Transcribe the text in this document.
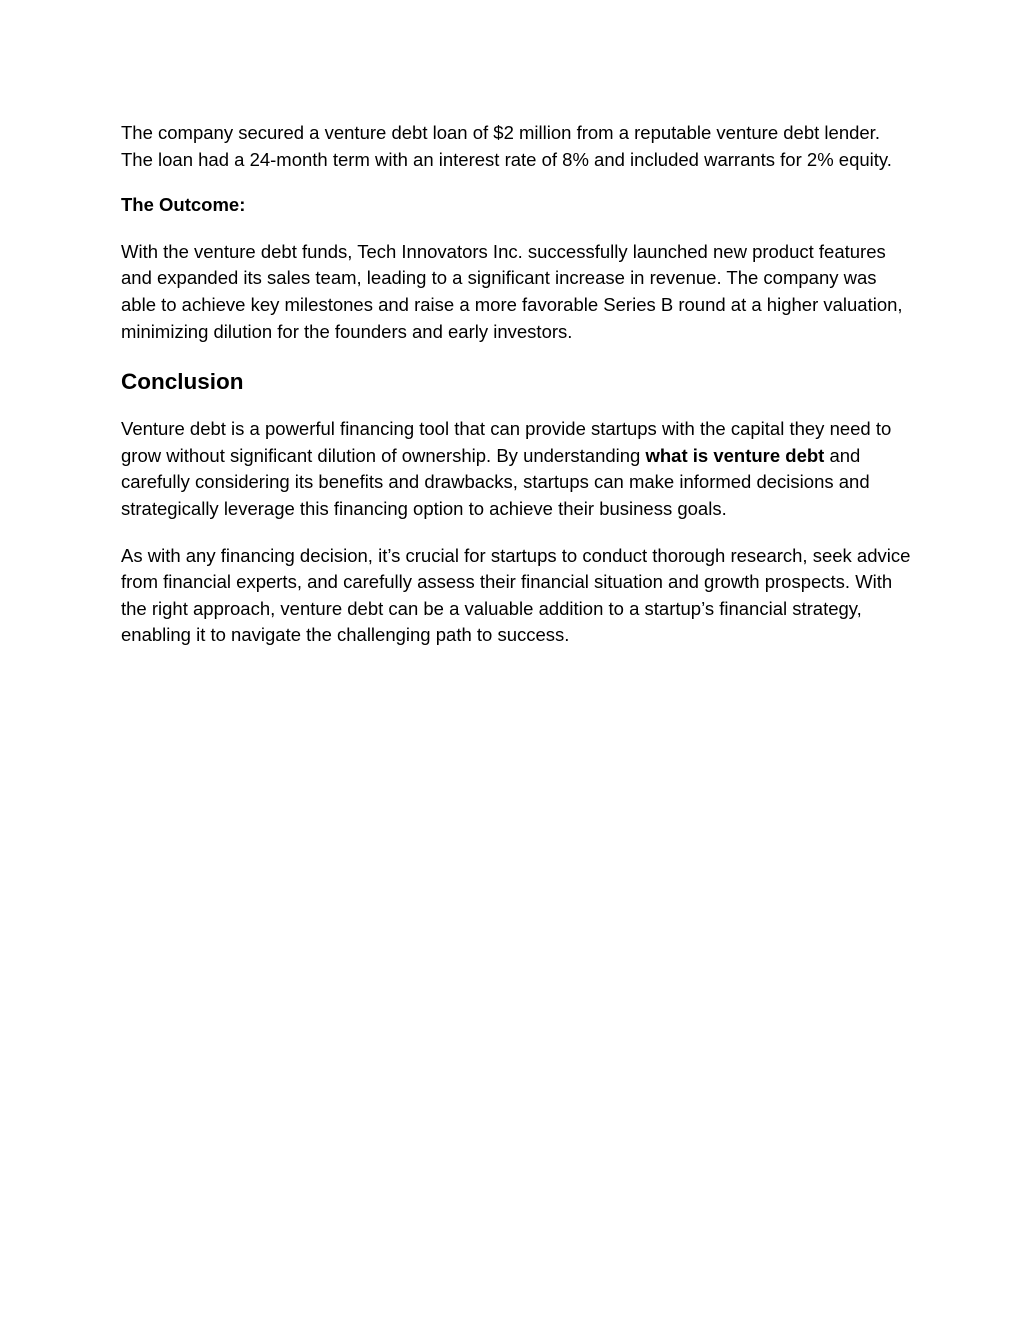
The company secured a venture debt loan of $2 million from a reputable venture debt lender. The loan had a 24-month term with an interest rate of 8% and included warrants for 2% equity.

The Outcome:

With the venture debt funds, Tech Innovators Inc. successfully launched new product features and expanded its sales team, leading to a significant increase in revenue. The company was able to achieve key milestones and raise a more favorable Series B round at a higher valuation, minimizing dilution for the founders and early investors.

Conclusion

Venture debt is a powerful financing tool that can provide startups with the capital they need to grow without significant dilution of ownership. By understanding what is venture debt and carefully considering its benefits and drawbacks, startups can make informed decisions and strategically leverage this financing option to achieve their business goals.

As with any financing decision, it’s crucial for startups to conduct thorough research, seek advice from financial experts, and carefully assess their financial situation and growth prospects. With the right approach, venture debt can be a valuable addition to a startup’s financial strategy, enabling it to navigate the challenging path to success.
